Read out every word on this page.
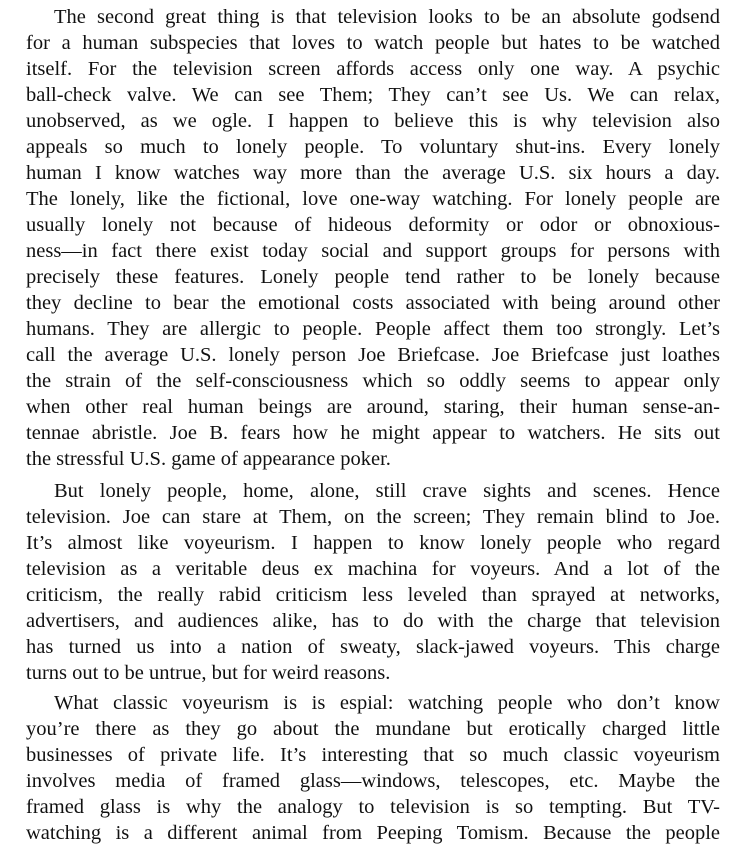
The second great thing is that television looks to be an absolute godsend
for a human subspecies that loves to watch people but hates to be watched
itself. For the television screen affords access only one way. A psychic
ball-check valve. We can see Them; They can’t see Us. We can relax,
unobserved, as we ogle. I happen to believe this is why television also
appeals so much to lonely people. To voluntary shut-ins. Every lonely
human I know watches way more than the average U.S. six hours a day.
The lonely, like the fictional, love one-way watching. For lonely people are
usually lonely not because of hideous deformity or odor or obnoxious-
ness—in fact there exist today social and support groups for persons with
precisely these features. Lonely people tend rather to be lonely because
they decline to bear the emotional costs associated with being around other
humans. They are allergic to people. People affect them too strongly. Let’s
call the average U.S. lonely person Joe Briefcase. Joe Briefcase just loathes
the strain of the self-consciousness which so oddly seems to appear only
when other real human beings are around, staring, their human sense-an-
tennae abristle. Joe B. fears how he might appear to watchers. He sits out
the stressful U.S. game of appearance poker.
But lonely people, home, alone, still crave sights and scenes. Hence
television. Joe can stare at Them, on the screen; They remain blind to Joe.
It’s almost like voyeurism. I happen to know lonely people who regard
television as a veritable deus ex machina for voyeurs. And a lot of the
criticism, the really rabid criticism less leveled than sprayed at networks,
advertisers, and audiences alike, has to do with the charge that television
has turned us into a nation of sweaty, slack-jawed voyeurs. This charge
turns out to be untrue, but for weird reasons.
What classic voyeurism is is espial: watching people who don’t know
you’re there as they go about the mundane but erotically charged little
businesses of private life. It’s interesting that so much classic voyeurism
involves media of framed glass—windows, telescopes, etc. Maybe the
framed glass is why the analogy to television is so tempting. But TV-
watching is a different animal from Peeping Tomism. Because the people
